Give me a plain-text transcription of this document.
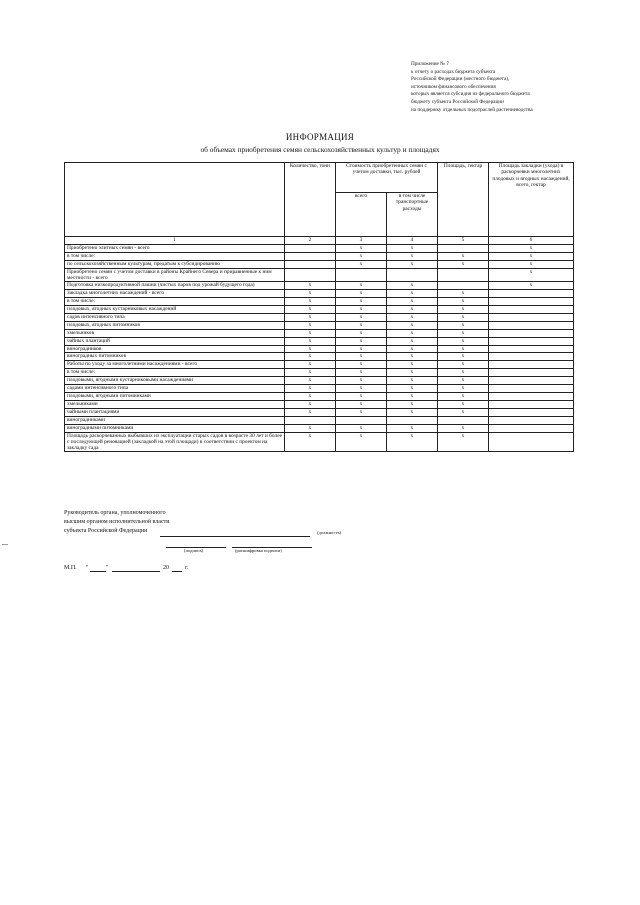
Приложение № 7
к отчету о расходах бюджета субъекта
Российской Федерации (местного бюджета),
источником финансового обеспечения
которых является субсидия из федерального бюджета
бюджету субъекта Российской Федерации
на поддержку отдельных подотраслей растениеводства
ИНФОРМАЦИЯ
об объемах приобретения семян сельскохозяйственных культур и площадях
	Количество, тонн	Стоимость приобретенных семян с учетом доставки, тыс. рублей		Площадь, гектар	Площадь закладки (ухода) в раскорчевки многолетних плодовых и ягодных насаждений, всего, гектар
		всего	в том числе транспортные расходы		
1	2	3	4	5	6
Приобретено элитных семян - всего		x	x		x
в том числе:		x	x	x	x
по сельскохозяйственным культурам, предатым к субсидированию		x	x	x	x
Приобретено семян с учетом доставки в районы Крайнего Севера и приравненные к ним местности - всего					x
Подготовка низкопродуктивной пашни (чистых паров под урожай будущего года)	x	x	x		x
Закладка многолетних насаждений - всего	x	x	x	x	
в том числе:	x	x	x	x	
плодовых, ягодных кустарниковых насаждений	x	x	x	x	
садов интенсивного типа	x	x	x	x	
плодовых, ягодных питомников	x	x	x	x	
хмельников	x	x	x	x	
чайных плантаций	x	x	x	x	
виноградников	x	x	x	x	
виноградных питомников	x	x	x	x	
Работы по уходу за многолетними насаждениями - всего	x	x	x	x	
в том числе:	x	x	x	x	
плодовыми, ягодными кустарниковыми насаждениями	x	x	x	x	
садами интенсивного типа	x	x	x	x	
плодовыми, ягодными питомниками	x	x	x	x	
хмельниками	x	x	x	x	
чайными плантациями	x	x	x	x	
виноградниками					
виноградными питомниками	x	x	x	x	
Площадь раскорчеванных выбывших из эксплуатации старых садов в возрасте 30 лет и более с последующей реновацией (закладкой на этой площади) в соответствии с проектом на закладку сада	x	x	x	x	
Руководитель органа, уполномоченного
высшим органом исполнительной власти
субъекта Российской Федерации	(должность)
(подпись)	(расшифровка подписи)
М.П. "	"	20	г.
